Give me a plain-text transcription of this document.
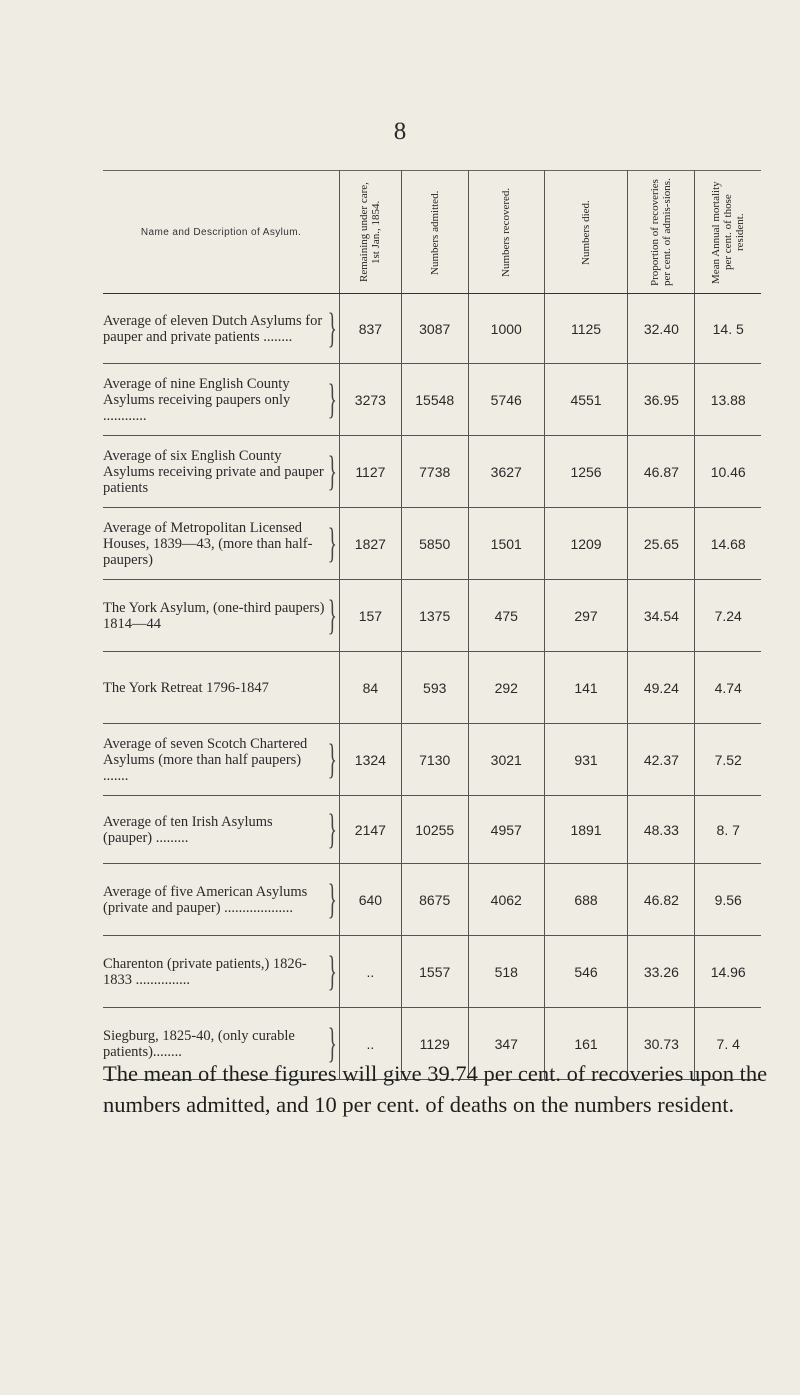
8
Name and Description of Asylum.	Remaining under care, 1st Jan., 1854.	Numbers admitted.	Numbers recovered.	Numbers died.	Proportion of recoveries per cent. of admis-sions.	Mean Annual mortality per cent. of those resident.

Average of eleven Dutch Asylums for pauper and private patients ........ }	837	3087	1000	1125	32.40	14. 5

Average of nine English County Asylums receiving paupers only ............ }	3273	15548	5746	4551	36.95	13.88

Average of six English County Asylums receiving private and pauper patients }	1127	7738	3627	1256	46.87	10.46

Average of Metropolitan Licensed Houses, 1839—43, (more than half-paupers) }	1827	5850	1501	1209	25.65	14.68

The York Asylum, (one-third paupers) 1814—44 }	157	1375	475	297	34.54	7.24

The York Retreat 1796-1847	84	593	292	141	49.24	4.74

Average of seven Scotch Chartered Asylums (more than half paupers) ....... }	1324	7130	3021	931	42.37	7.52

Average of ten Irish Asylums (pauper) ......... }	2147	10255	4957	1891	48.33	8. 7

Average of five American Asylums (private and pauper) ................... }	640	8675	4062	688	46.82	9.56

Charenton (private patients,) 1826-1833 ............... }	..	1557	518	546	33.26	14.96

Siegburg, 1825-40, (only curable patients)........ }	..	1129	347	161	30.73	7. 4
The mean of these figures will give 39.74 per cent. of recoveries upon the numbers admitted, and 10 per cent. of deaths on the numbers resident.
